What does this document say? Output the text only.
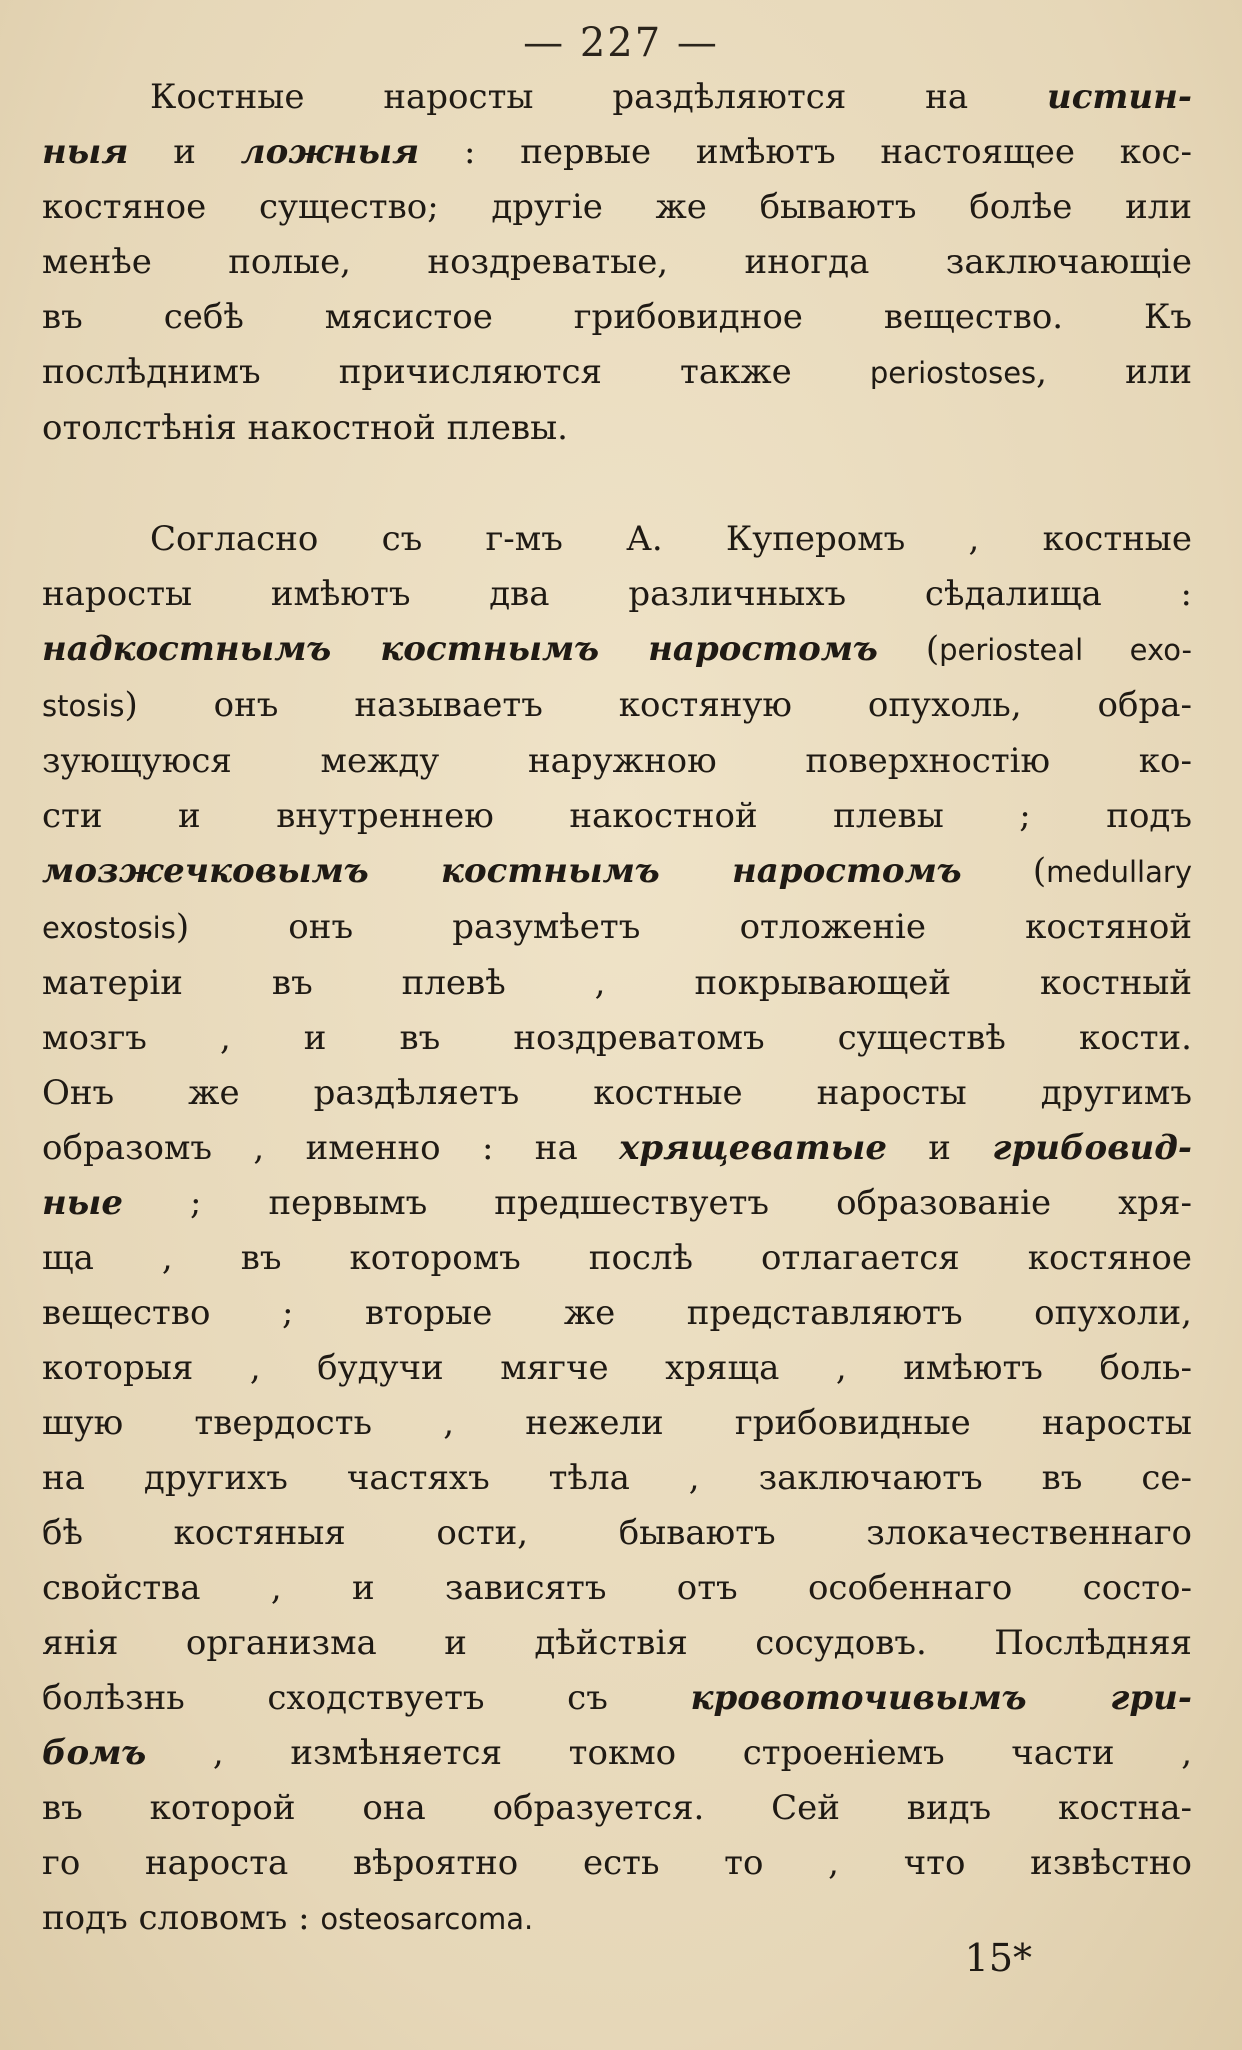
— 227 —
Костные наросты раздѣляются на истин-
ныя и ложныя : первые имѣютъ настоящее кос-
костяное существо; другiе же бываютъ болѣе или
менѣе полые, ноздреватые, иногда заключающiе
въ себѣ мясистое грибовидное вещество. Къ
послѣднимъ причисляются также periostoses, или
отолстѣнiя накостной плевы.
Согласно съ г-мъ А. Куперомъ , костные
наросты имѣютъ два различныхъ сѣдалища :
надкостнымъ костнымъ наростомъ (periosteal exo-
stosis) онъ называетъ костяную опухоль, обра-
зующуюся между наружною поверхностiю ко-
сти и внутреннею накостной плевы ; подъ
мозжечковымъ костнымъ наростомъ (medullary
exostosis) онъ разумѣетъ отложенiе костяной
матерiи въ плевѣ , покрывающей костный
мозгъ , и въ ноздреватомъ существѣ кости.
Онъ же раздѣляетъ костные наросты другимъ
образомъ , именно : на хрящеватые и грибовид-
ные ; первымъ предшествуетъ образованiе хря-
ща , въ которомъ послѣ отлагается костяное
вещество ; вторые же представляютъ опухоли,
которыя , будучи мягче хряща , имѣютъ боль-
шую твердость , нежели грибовидные наросты
на другихъ частяхъ тѣла , заключаютъ въ се-
бѣ костяныя ости, бываютъ злокачественнаго
свойства , и зависятъ отъ особеннаго состо-
янiя организма и дѣйствiя сосудовъ. Послѣдняя
болѣзнь сходствуетъ съ кровоточивымъ гри-
бомъ , измѣняется токмо строенiемъ части ,
въ которой она образуется. Сей видъ костна-
го нароста вѣроятно есть то , что извѣстно
подъ словомъ : osteosarcoma.
15*
